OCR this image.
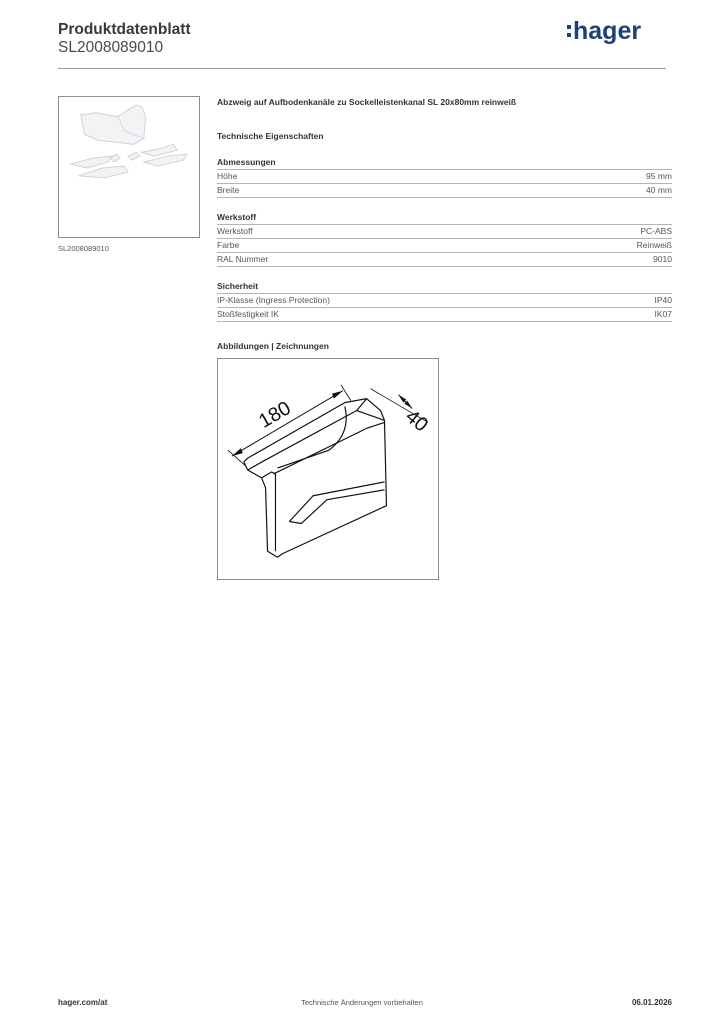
Produktdatenblatt
SL2008089010
hager
SL2008089010

Abzweig auf Aufbodenkanäle zu Sockelleistenkanal SL 20x80mm reinweiß

Technische Eigenschaften

Abmessungen
Höhe	95 mm
Breite	40 mm
Werkstoff
Werkstoff	PC-ABS
Farbe	Reinweiß
RAL Nummer	9010
Sicherheit
IP-Klasse (Ingress Protection)	IP40
Stoßfestigkeit IK	IK07
Abbildungen | Zeichnungen
180	40
hager.com/at	Technische Änderungen vorbehalten	06.01.2026
